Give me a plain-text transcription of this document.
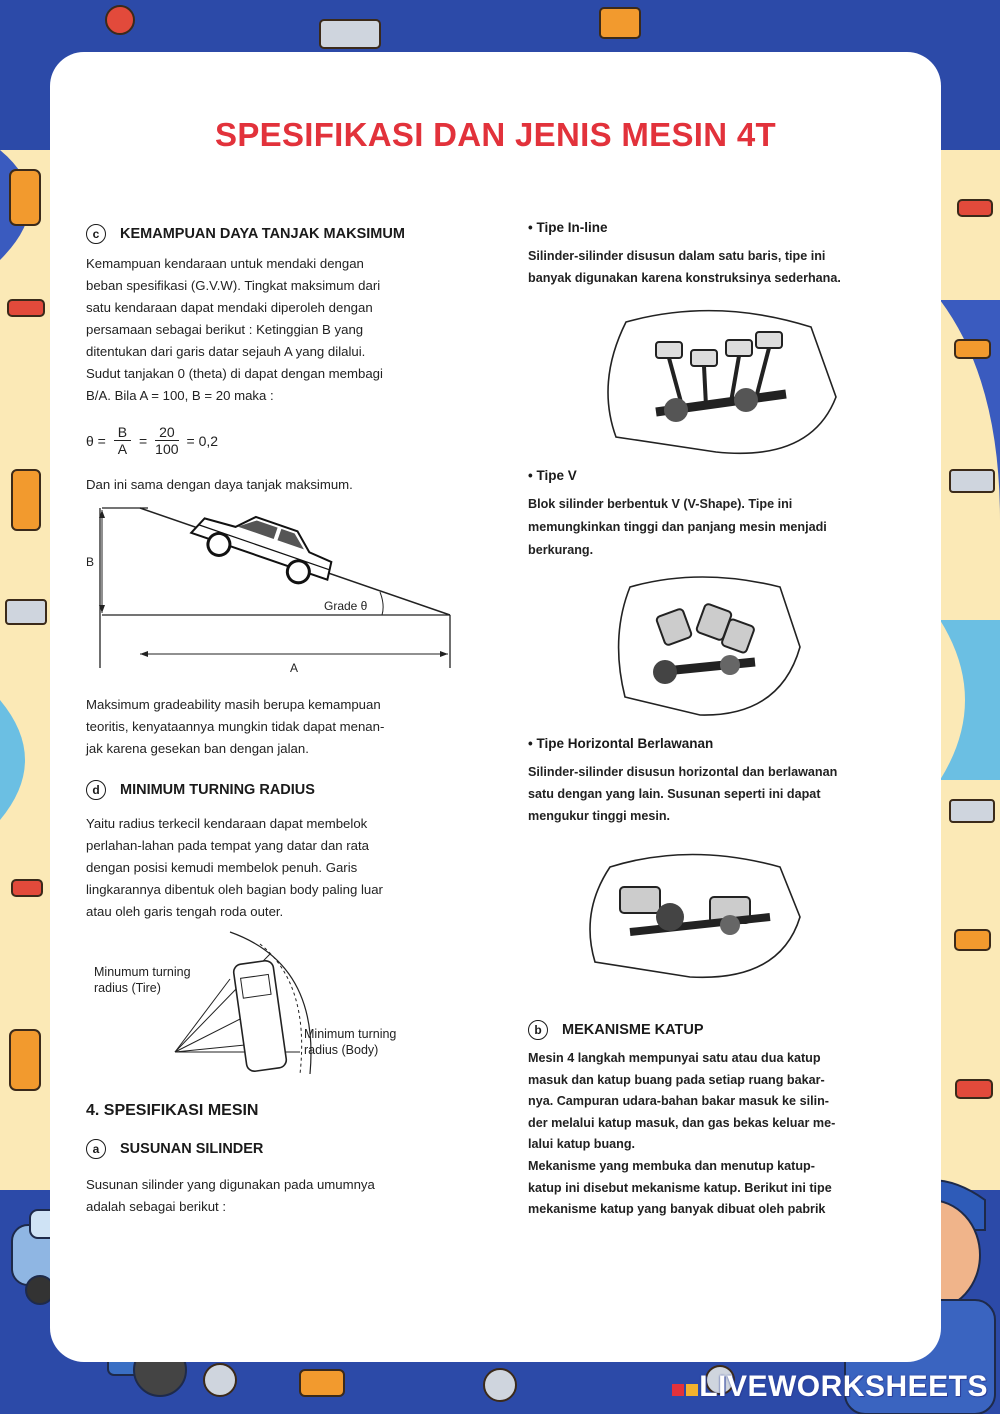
SPESIFIKASI DAN JENIS MESIN 4T
c KEMAMPUAN DAYA TANJAK MAKSIMUM
Kemampuan kendaraan untuk mendaki dengan
beban spesifikasi (G.V.W). Tingkat maksimum dari
satu kendaraan dapat mendaki diperoleh dengan
persamaan sebagai berikut : Ketinggian B yang
ditentukan dari garis datar sejauh A yang dilalui.
Sudut tanjakan 0 (theta) di dapat dengan membagi
B/A. Bila A = 100, B = 20 maka :
$\theta = \frac{B}{A} = \frac{20}{100} = 0,2$
Dan ini sama dengan daya tanjak maksimum.
B
A
Grade θ
Maksimum gradeability masih berupa kemampuan
teoritis, kenyataannya mungkin tidak dapat menan-
jak karena gesekan ban dengan jalan.
d MINIMUM TURNING RADIUS
Yaitu radius terkecil kendaraan dapat membelok
perlahan-lahan pada tempat yang datar dan rata
dengan posisi kemudi membelok penuh. Garis
lingkarannya dibentuk oleh bagian body paling luar
atau oleh garis tengah roda outer.
Minumum turning
radius (Tire)
Minimum turning
radius (Body)
4. SPESIFIKASI MESIN
a SUSUNAN SILINDER
Susunan silinder yang digunakan pada umumnya
adalah sebagai berikut :
• Tipe In-line
Silinder-silinder disusun dalam satu baris, tipe ini
banyak digunakan karena konstruksinya sederhana.
• Tipe V
Blok silinder berbentuk V (V-Shape). Tipe ini
memungkinkan tinggi dan panjang mesin menjadi
berkurang.
• Tipe Horizontal Berlawanan
Silinder-silinder disusun horizontal dan berlawanan
satu dengan yang lain. Susunan seperti ini dapat
mengukur tinggi mesin.
b MEKANISME KATUP
Mesin 4 langkah mempunyai satu atau dua katup
masuk dan katup buang pada setiap ruang bakar-
nya. Campuran udara-bahan bakar masuk ke silin-
der melalui katup masuk, dan gas bekas keluar me-
lalui katup buang.
Mekanisme yang membuka dan menutup katup-
katup ini disebut mekanisme katup. Berikut ini tipe
mekanisme katup yang banyak dibuat oleh pabrik
LIVEWORKSHEETS
